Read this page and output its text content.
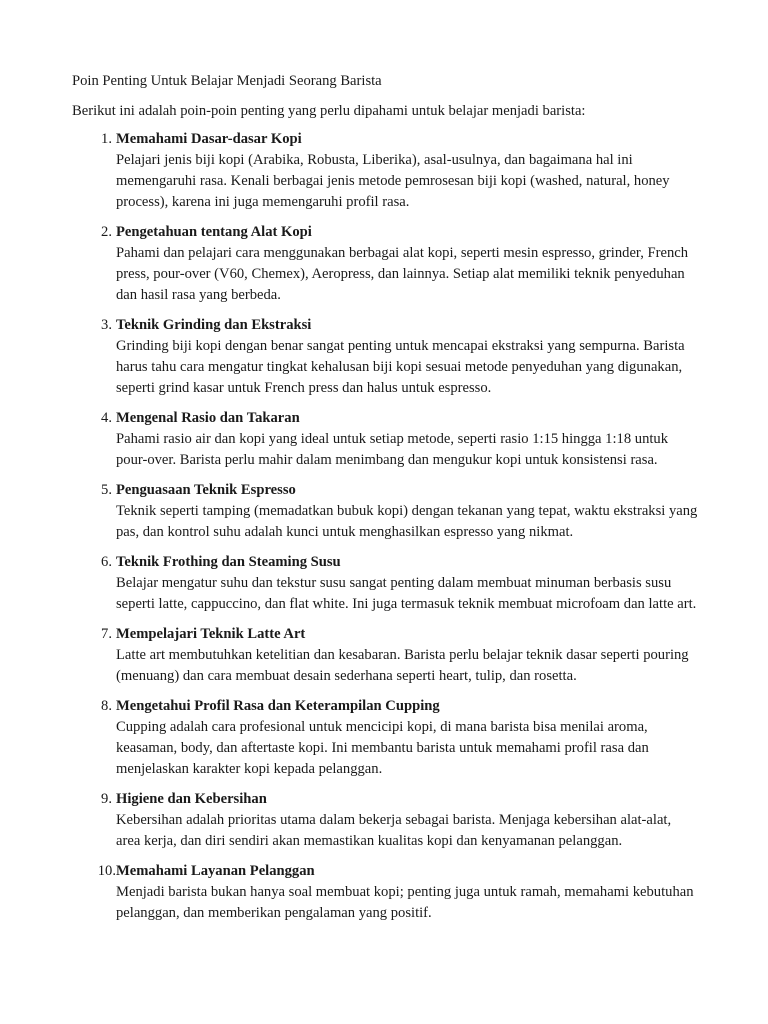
Poin Penting Untuk Belajar Menjadi Seorang Barista

Berikut ini adalah poin-poin penting yang perlu dipahami untuk belajar menjadi barista:

1. Memahami Dasar-dasar Kopi
Pelajari jenis biji kopi (Arabika, Robusta, Liberika), asal-usulnya, dan bagaimana hal ini memengaruhi rasa. Kenali berbagai jenis metode pemrosesan biji kopi (washed, natural, honey process), karena ini juga memengaruhi profil rasa.
2. Pengetahuan tentang Alat Kopi
Pahami dan pelajari cara menggunakan berbagai alat kopi, seperti mesin espresso, grinder, French press, pour-over (V60, Chemex), Aeropress, dan lainnya. Setiap alat memiliki teknik penyeduhan dan hasil rasa yang berbeda.
3. Teknik Grinding dan Ekstraksi
Grinding biji kopi dengan benar sangat penting untuk mencapai ekstraksi yang sempurna. Barista harus tahu cara mengatur tingkat kehalusan biji kopi sesuai metode penyeduhan yang digunakan, seperti grind kasar untuk French press dan halus untuk espresso.
4. Mengenal Rasio dan Takaran
Pahami rasio air dan kopi yang ideal untuk setiap metode, seperti rasio 1:15 hingga 1:18 untuk pour-over. Barista perlu mahir dalam menimbang dan mengukur kopi untuk konsistensi rasa.
5. Penguasaan Teknik Espresso
Teknik seperti tamping (memadatkan bubuk kopi) dengan tekanan yang tepat, waktu ekstraksi yang pas, dan kontrol suhu adalah kunci untuk menghasilkan espresso yang nikmat.
6. Teknik Frothing dan Steaming Susu
Belajar mengatur suhu dan tekstur susu sangat penting dalam membuat minuman berbasis susu seperti latte, cappuccino, dan flat white. Ini juga termasuk teknik membuat microfoam dan latte art.
7. Mempelajari Teknik Latte Art
Latte art membutuhkan ketelitian dan kesabaran. Barista perlu belajar teknik dasar seperti pouring (menuang) dan cara membuat desain sederhana seperti heart, tulip, dan rosetta.
8. Mengetahui Profil Rasa dan Keterampilan Cupping
Cupping adalah cara profesional untuk mencicipi kopi, di mana barista bisa menilai aroma, keasaman, body, dan aftertaste kopi. Ini membantu barista untuk memahami profil rasa dan menjelaskan karakter kopi kepada pelanggan.
9. Higiene dan Kebersihan
Kebersihan adalah prioritas utama dalam bekerja sebagai barista. Menjaga kebersihan alat-alat, area kerja, dan diri sendiri akan memastikan kualitas kopi dan kenyamanan pelanggan.
10. Memahami Layanan Pelanggan
Menjadi barista bukan hanya soal membuat kopi; penting juga untuk ramah, memahami kebutuhan pelanggan, dan memberikan pengalaman yang positif.
